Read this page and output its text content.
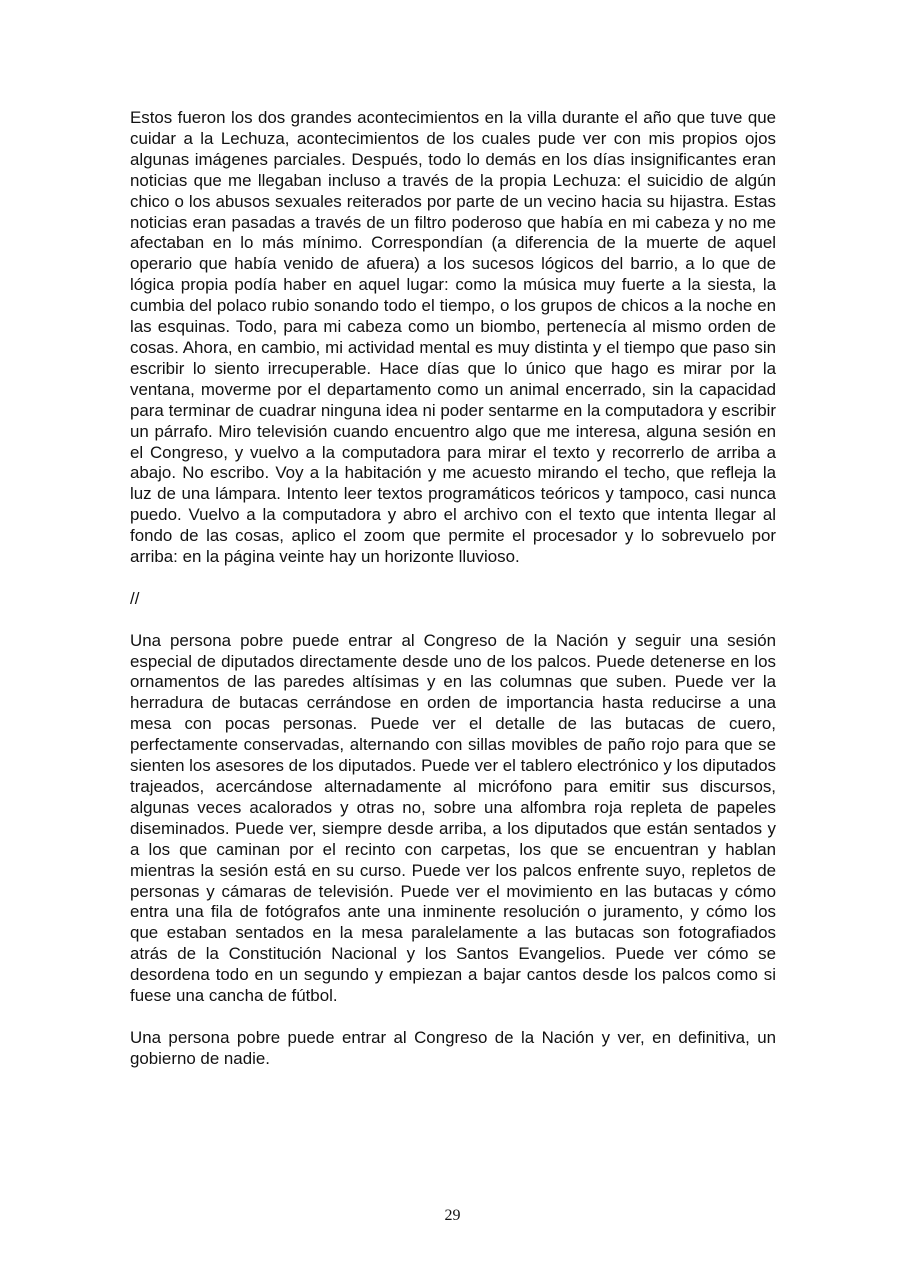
Estos fueron los dos grandes acontecimientos en la villa durante el año que tuve que cuidar a la Lechuza, acontecimientos de los cuales pude ver con mis propios ojos algunas imágenes parciales. Después, todo lo demás en los días insignificantes eran noticias que me llegaban incluso a través de la propia Lechuza: el suicidio de algún chico o los abusos sexuales reiterados por parte de un vecino hacia su hijastra. Estas noticias eran pasadas a través de un filtro poderoso que había en mi cabeza y no me afectaban en lo más mínimo. Correspondían (a diferencia de la muerte de aquel operario que había venido de afuera) a los sucesos lógicos del barrio, a lo que de lógica propia podía haber en aquel lugar: como la música muy fuerte a la siesta, la cumbia del polaco rubio sonando todo el tiempo, o los grupos de chicos a la noche en las esquinas. Todo, para mi cabeza como un biombo, pertenecía al mismo orden de cosas. Ahora, en cambio, mi actividad mental es muy distinta y el tiempo que paso sin escribir lo siento irrecuperable. Hace días que lo único que hago es mirar por la ventana, moverme por el departamento como un animal encerrado, sin la capacidad para terminar de cuadrar ninguna idea ni poder sentarme en la computadora y escribir un párrafo. Miro televisión cuando encuentro algo que me interesa, alguna sesión en el Congreso, y vuelvo a la computadora para mirar el texto y recorrerlo de arriba a abajo. No escribo. Voy a la habitación y me acuesto mirando el techo, que refleja la luz de una lámpara. Intento leer textos programáticos teóricos y tampoco, casi nunca puedo. Vuelvo a la computadora y abro el archivo con el texto que intenta llegar al fondo de las cosas, aplico el zoom que permite el procesador y lo sobrevuelo por arriba: en la página veinte hay un horizonte lluvioso.

//

Una persona pobre puede entrar al Congreso de la Nación y seguir una sesión especial de diputados directamente desde uno de los palcos. Puede detenerse en los ornamentos de las paredes altísimas y en las columnas que suben. Puede ver la herradura de butacas cerrándose en orden de importancia hasta reducirse a una mesa con pocas personas. Puede ver el detalle de las butacas de cuero, perfectamente conservadas, alternando con sillas movibles de paño rojo para que se sienten los asesores de los diputados. Puede ver el tablero electrónico y los diputados trajeados, acercándose alternadamente al micrófono para emitir sus discursos, algunas veces acalorados y otras no, sobre una alfombra roja repleta de papeles diseminados. Puede ver, siempre desde arriba, a los diputados que están sentados y a los que caminan por el recinto con carpetas, los que se encuentran y hablan mientras la sesión está en su curso. Puede ver los palcos enfrente suyo, repletos de personas y cámaras de televisión. Puede ver el movimiento en las butacas y cómo entra una fila de fotógrafos ante una inminente resolución o juramento, y cómo los que estaban sentados en la mesa paralelamente a las butacas son fotografiados atrás de la Constitución Nacional y los Santos Evangelios. Puede ver cómo se desordena todo en un segundo y empiezan a bajar cantos desde los palcos como si fuese una cancha de fútbol.

Una persona pobre puede entrar al Congreso de la Nación y ver, en definitiva, un gobierno de nadie.

29
